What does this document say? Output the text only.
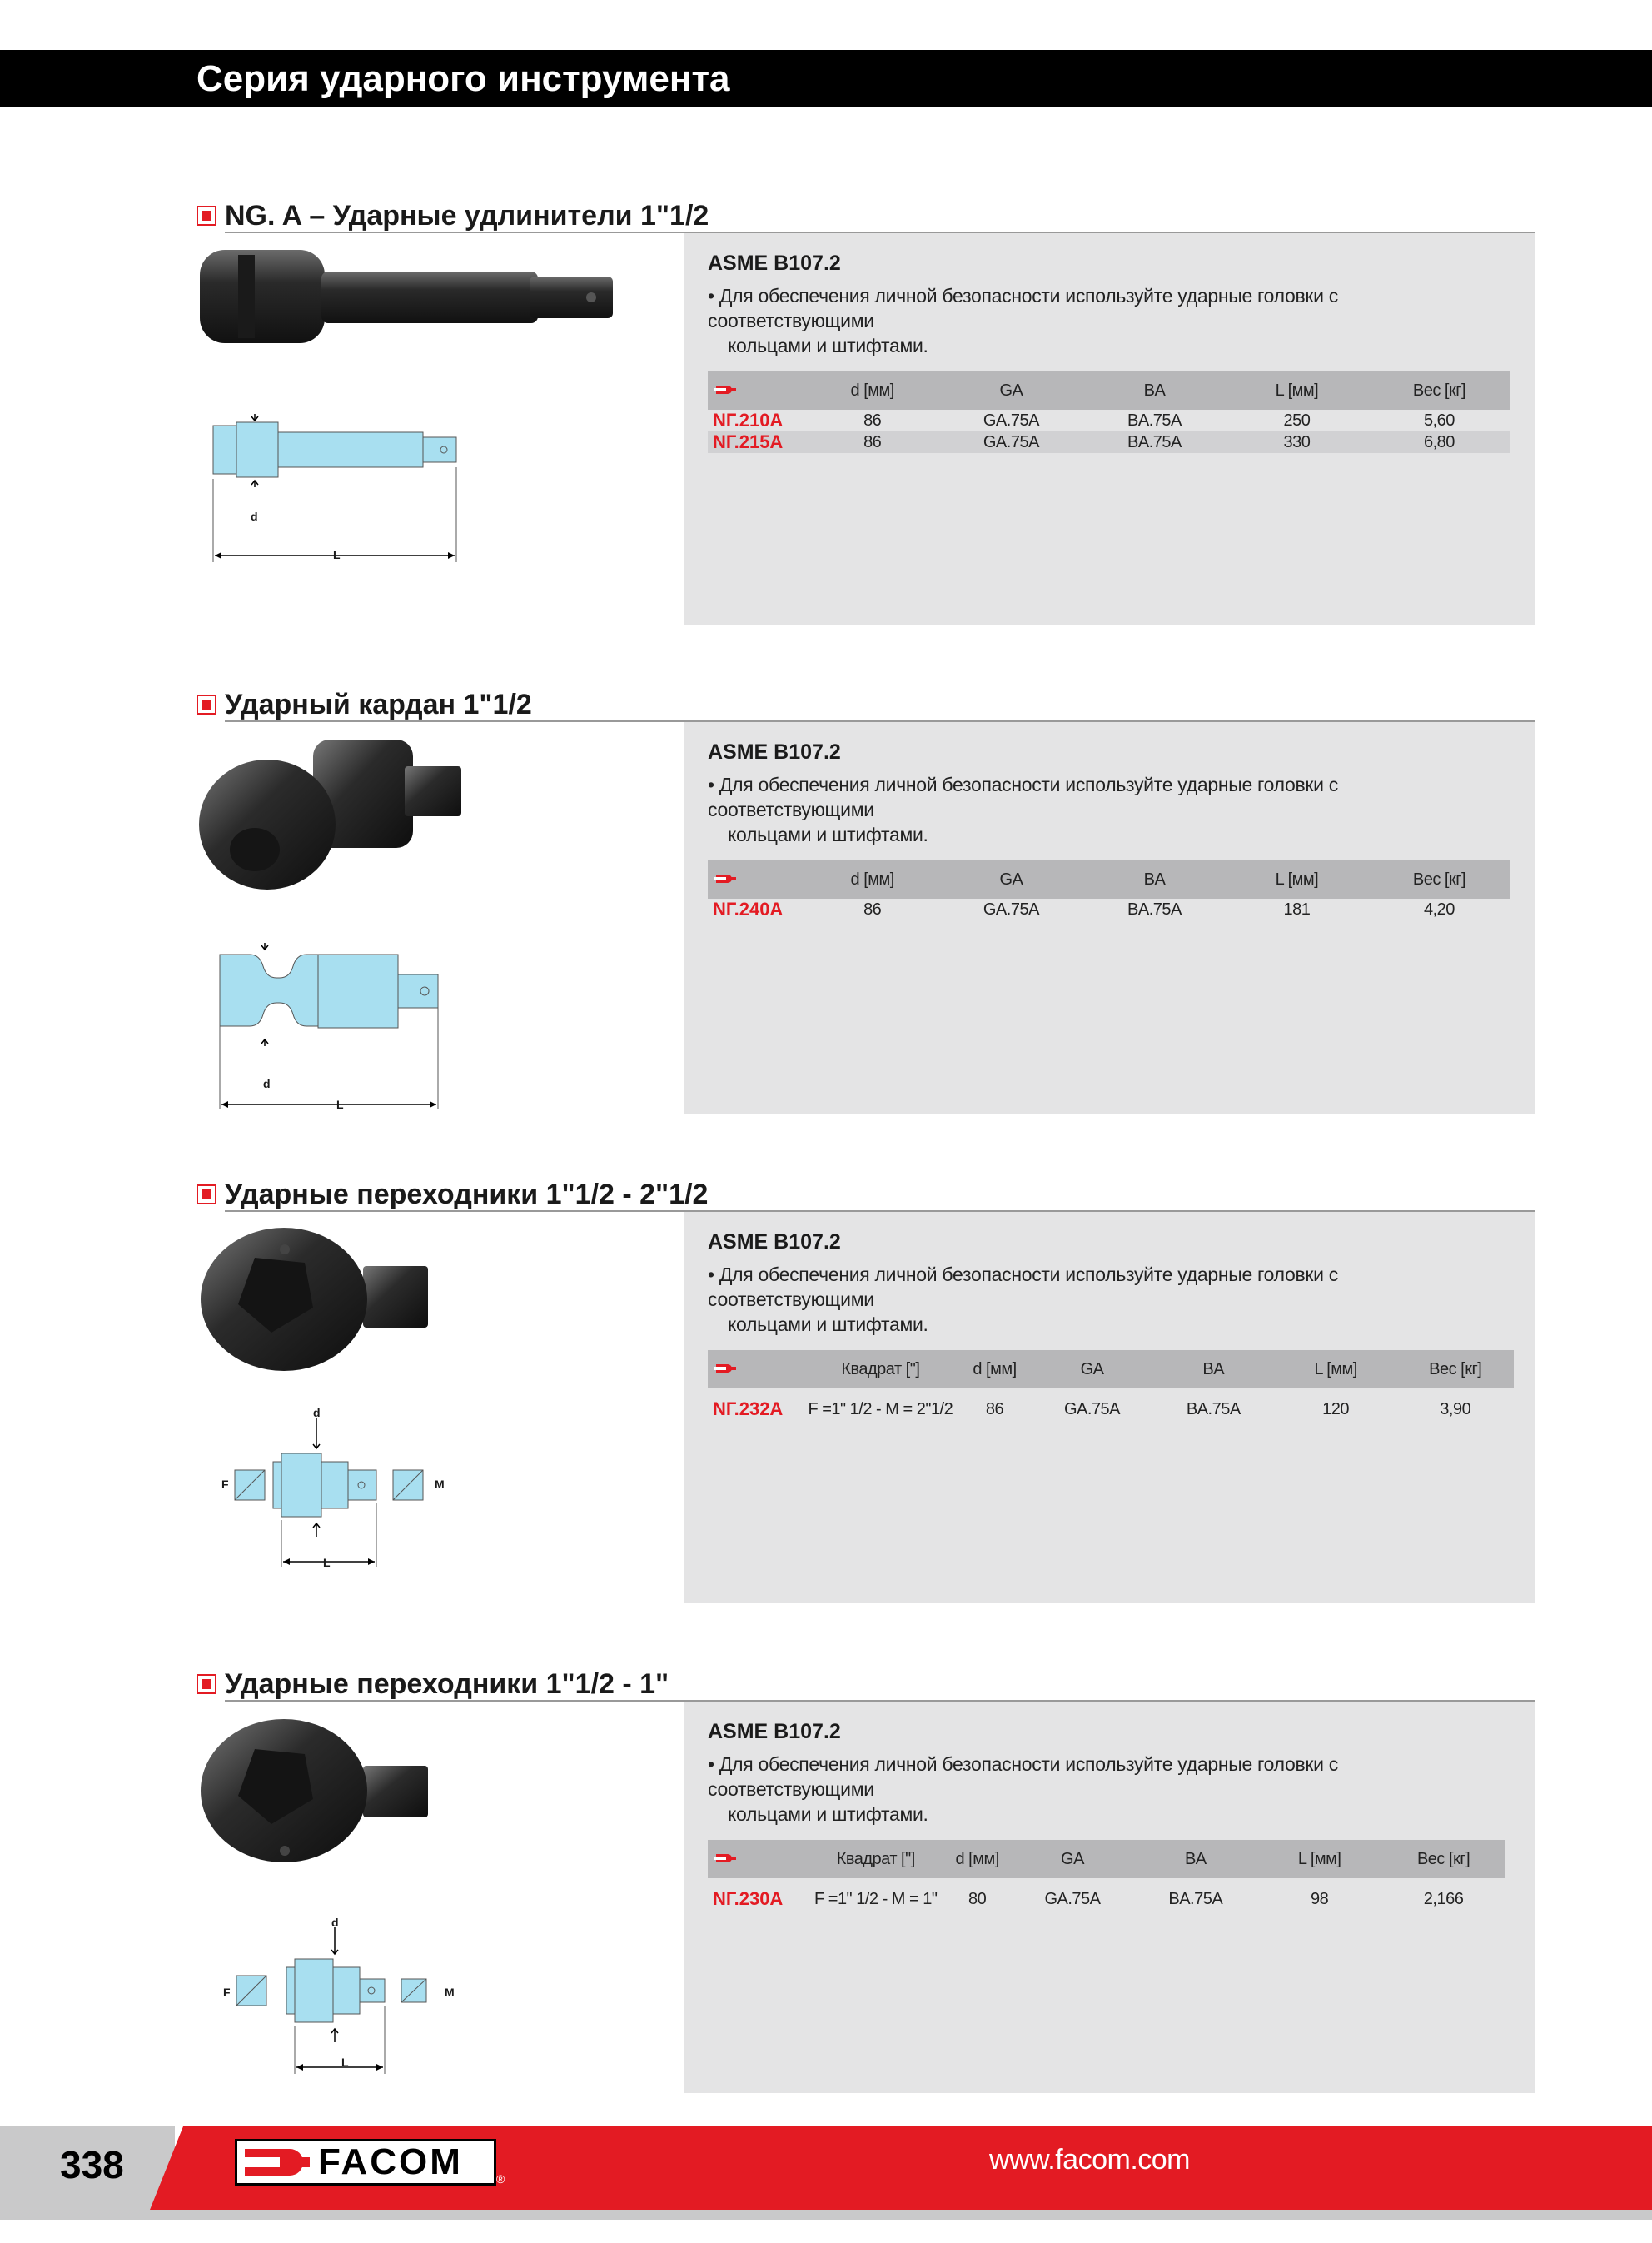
Серия ударного инструмента
NG. A – Ударные удлинители 1"1/2
d
L
ASME B107.2
• Для обеспечения личной безопасности используйте ударные головки с соответствующими
кольцами и штифтами.
	d [мм]	GA	BA	L [мм]	Вес [кг]
NГ.210A	86	GA.75A	BA.75A	250	5,60
NГ.215A	86	GA.75A	BA.75A	330	6,80
Ударный кардан 1"1/2
d
L
ASME B107.2
• Для обеспечения личной безопасности используйте ударные головки с соответствующими
кольцами и штифтами.
	d [мм]	GA	BA	L [мм]	Вес [кг]
NГ.240A	86	GA.75A	BA.75A	181	4,20
Ударные переходники 1"1/2 - 2"1/2
d
F	M
L
ASME B107.2
• Для обеспечения личной безопасности используйте ударные головки с соответствующими
кольцами и штифтами.
	Квадрат ["]	d [мм]	GA	BA	L [мм]	Вес [кг]
NГ.232A	F =1" 1/2 - M = 2"1/2	86	GA.75A	BA.75A	120	3,90
Ударные переходники 1"1/2 - 1"
d
F	M
L
ASME B107.2
• Для обеспечения личной безопасности используйте ударные головки с соответствующими
кольцами и штифтами.
	Квадрат ["]	d [мм]	GA	BA	L [мм]	Вес [кг]
NГ.230A	F =1" 1/2 - M = 1"	80	GA.75A	BA.75A	98	2,166
338	FACOM	®
www.facom.com
